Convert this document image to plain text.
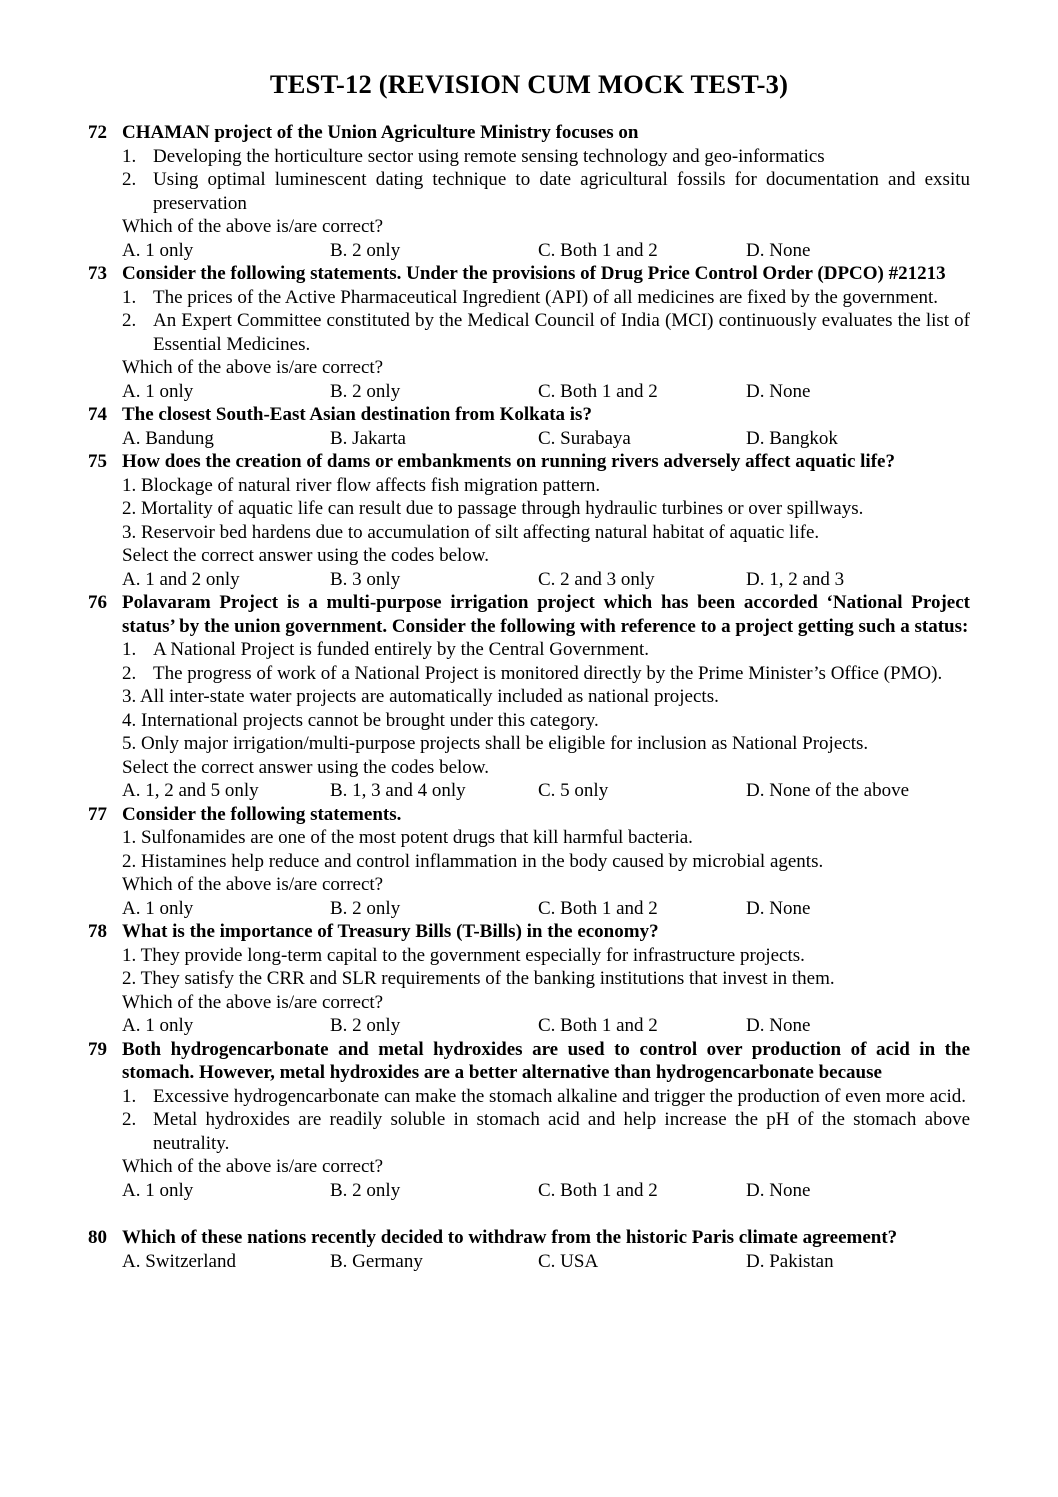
TEST-12 (REVISION CUM MOCK TEST-3)
72 CHAMAN project of the Union Agriculture Ministry focuses on
1. Developing the horticulture sector using remote sensing technology and geo-informatics
2. Using optimal luminescent dating technique to date agricultural fossils for documentation and exsitu preservation
Which of the above is/are correct?
A. 1 only	B. 2 only	C. Both 1 and 2	D. None
73 Consider the following statements. Under the provisions of Drug Price Control Order (DPCO) #21213
1. The prices of the Active Pharmaceutical Ingredient (API) of all medicines are fixed by the government.
2. An Expert Committee constituted by the Medical Council of India (MCI) continuously evaluates the list of Essential Medicines.
Which of the above is/are correct?
A. 1 only	B. 2 only	C. Both 1 and 2	D. None
74 The closest South-East Asian destination from Kolkata is?
A. Bandung	B. Jakarta	C. Surabaya	D. Bangkok
75 How does the creation of dams or embankments on running rivers adversely affect aquatic life?
1. Blockage of natural river flow affects fish migration pattern.
2. Mortality of aquatic life can result due to passage through hydraulic turbines or over spillways.
3. Reservoir bed hardens due to accumulation of silt affecting natural habitat of aquatic life.
Select the correct answer using the codes below.
A. 1 and 2 only	B. 3 only	C. 2 and 3 only	D. 1, 2 and 3
76 Polavaram Project is a multi-purpose irrigation project which has been accorded ‘National Project status’ by the union government. Consider the following with reference to a project getting such a status:
1. A National Project is funded entirely by the Central Government.
2. The progress of work of a National Project is monitored directly by the Prime Minister’s Office (PMO).
3. All inter-state water projects are automatically included as national projects.
4. International projects cannot be brought under this category.
5. Only major irrigation/multi-purpose projects shall be eligible for inclusion as National Projects.
Select the correct answer using the codes below.
A. 1, 2 and 5 only	B. 1, 3 and 4 only	C. 5 only	D. None of the above
77 Consider the following statements.
1. Sulfonamides are one of the most potent drugs that kill harmful bacteria.
2. Histamines help reduce and control inflammation in the body caused by microbial agents.
Which of the above is/are correct?
A. 1 only	B. 2 only	C. Both 1 and 2	D. None
78 What is the importance of Treasury Bills (T-Bills) in the economy?
1. They provide long-term capital to the government especially for infrastructure projects.
2. They satisfy the CRR and SLR requirements of the banking institutions that invest in them.
Which of the above is/are correct?
A. 1 only	B. 2 only	C. Both 1 and 2	D. None
79 Both hydrogencarbonate and metal hydroxides are used to control over production of acid in the stomach. However, metal hydroxides are a better alternative than hydrogencarbonate because
1. Excessive hydrogencarbonate can make the stomach alkaline and trigger the production of even more acid.
2. Metal hydroxides are readily soluble in stomach acid and help increase the pH of the stomach above neutrality.
Which of the above is/are correct?
A. 1 only	B. 2 only	C. Both 1 and 2	D. None
80 Which of these nations recently decided to withdraw from the historic Paris climate agreement?
A. Switzerland	B. Germany	C. USA	D. Pakistan
